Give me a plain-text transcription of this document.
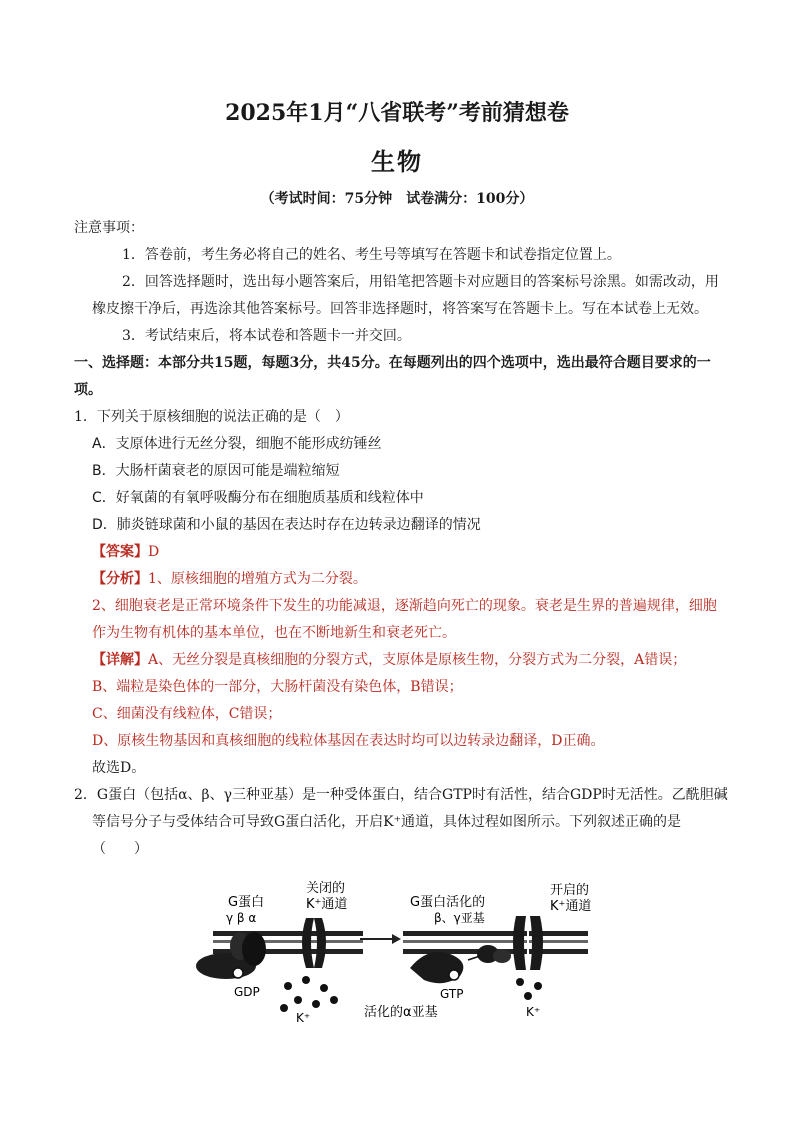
2025年1月“八省联考”考前猜想卷
生物
（考试时间：75分钟　试卷满分：100分）
注意事项：
1．答卷前，考生务必将自己的姓名、考生号等填写在答题卡和试卷指定位置上。
2．回答选择题时，选出每小题答案后，用铅笔把答题卡对应题目的答案标号涂黑。如需改动，用
橡皮擦干净后，再选涂其他答案标号。回答非选择题时，将答案写在答题卡上。写在本试卷上无效。
3．考试结束后，将本试卷和答题卡一并交回。
一、选择题：本部分共15题，每题3分，共45分。在每题列出的四个选项中，选出最符合题目要求的一
项。
1．下列关于原核细胞的说法正确的是（　）
A．支原体进行无丝分裂，细胞不能形成纺锤丝
B．大肠杆菌衰老的原因可能是端粒缩短
C．好氧菌的有氧呼吸酶分布在细胞质基质和线粒体中
D．肺炎链球菌和小鼠的基因在表达时存在边转录边翻译的情况
【答案】D
【分析】1、原核细胞的增殖方式为二分裂。
2、细胞衰老是正常环境条件下发生的功能减退，逐渐趋向死亡的现象。衰老是生界的普遍规律，细胞
作为生物有机体的基本单位，也在不断地新生和衰老死亡。
【详解】A、无丝分裂是真核细胞的分裂方式，支原体是原核生物，分裂方式为二分裂，A错误；
B、端粒是染色体的一部分，大肠杆菌没有染色体，B错误；
C、细菌没有线粒体，C错误；
D、原核生物基因和真核细胞的线粒体基因在表达时均可以边转录边翻译，D正确。
故选D。
2．G蛋白（包括α、β、γ三种亚基）是一种受体蛋白，结合GTP时有活性，结合GDP时无活性。乙酰胆碱
等信号分子与受体结合可导致G蛋白活化，开启K⁺通道，具体过程如图所示。下列叙述正确的是
（　　）
G蛋白
γ β α
GDP
关闭的
K⁺通道
K⁺
G蛋白活化的
β、γ亚基
GTP
活化的α亚基
开启的
K⁺通道
K⁺
